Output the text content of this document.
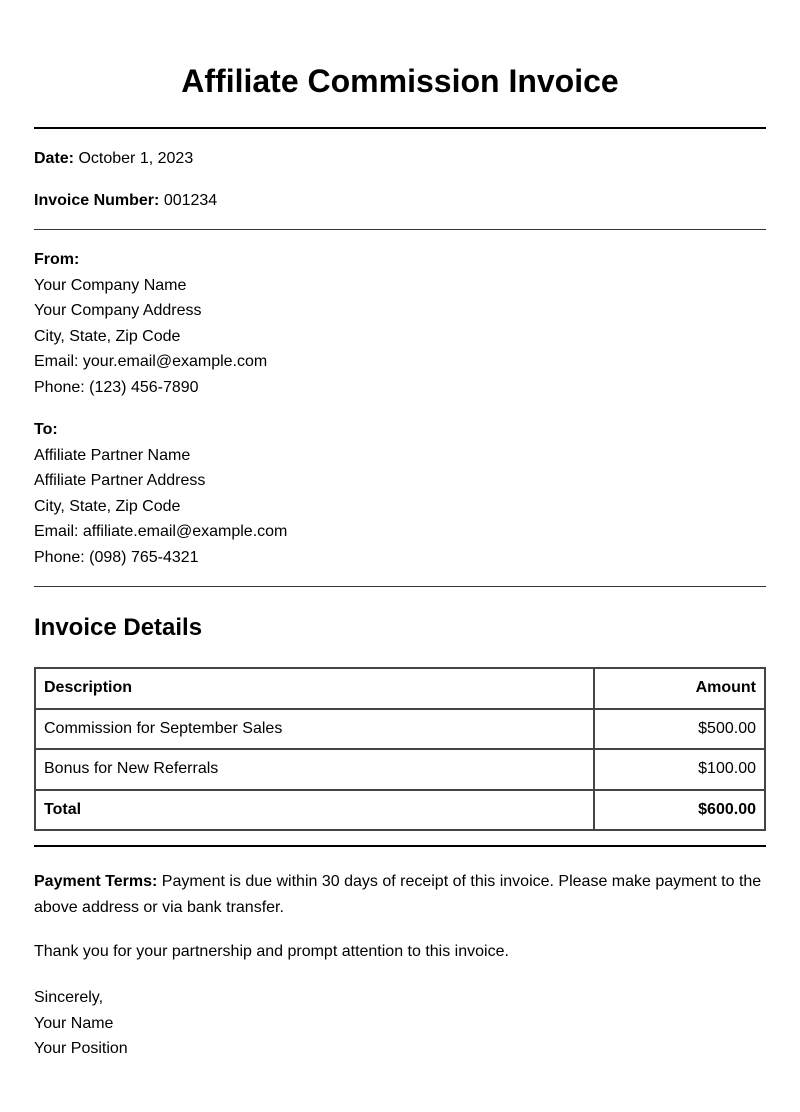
Affiliate Commission Invoice
Date: October 1, 2023
Invoice Number: 001234
From:
Your Company Name
Your Company Address
City, State, Zip Code
Email: your.email@example.com
Phone: (123) 456-7890
To:
Affiliate Partner Name
Affiliate Partner Address
City, State, Zip Code
Email: affiliate.email@example.com
Phone: (098) 765-4321
Invoice Details
Description	Amount
Commission for September Sales	$500.00
Bonus for New Referrals	$100.00
Total	$600.00
Payment Terms: Payment is due within 30 days of receipt of this invoice. Please make payment to the above address or via bank transfer.
Thank you for your partnership and prompt attention to this invoice.
Sincerely,
Your Name
Your Position
